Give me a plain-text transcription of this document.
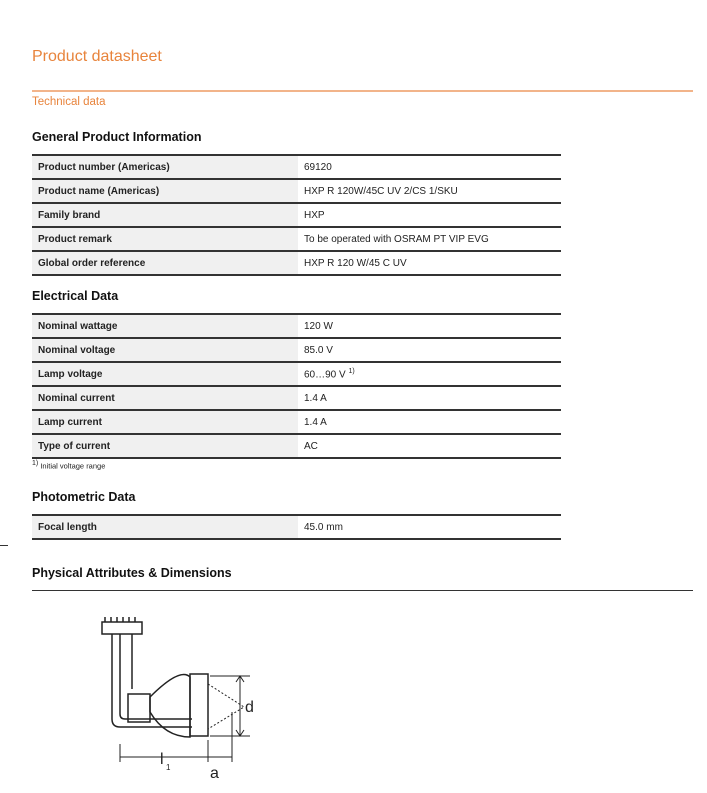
Product datasheet
Technical data
General Product Information
Product number (Americas)	69120
Product name (Americas)	HXP R 120W/45C UV 2/CS 1/SKU
Family brand	HXP
Product remark	To be operated with OSRAM PT VIP EVG
Global order reference	HXP R 120 W/45 C UV
Electrical Data
Nominal wattage	120 W
Nominal voltage	85.0 V
Lamp voltage	60…90 V $^{1)}$
Nominal current	1.4 A
Lamp current	1.4 A
Type of current	AC
$^{1)}$ Initial voltage range
Photometric Data
Focal length	45.0 mm
Physical Attributes & Dimensions
d
l 1 a
